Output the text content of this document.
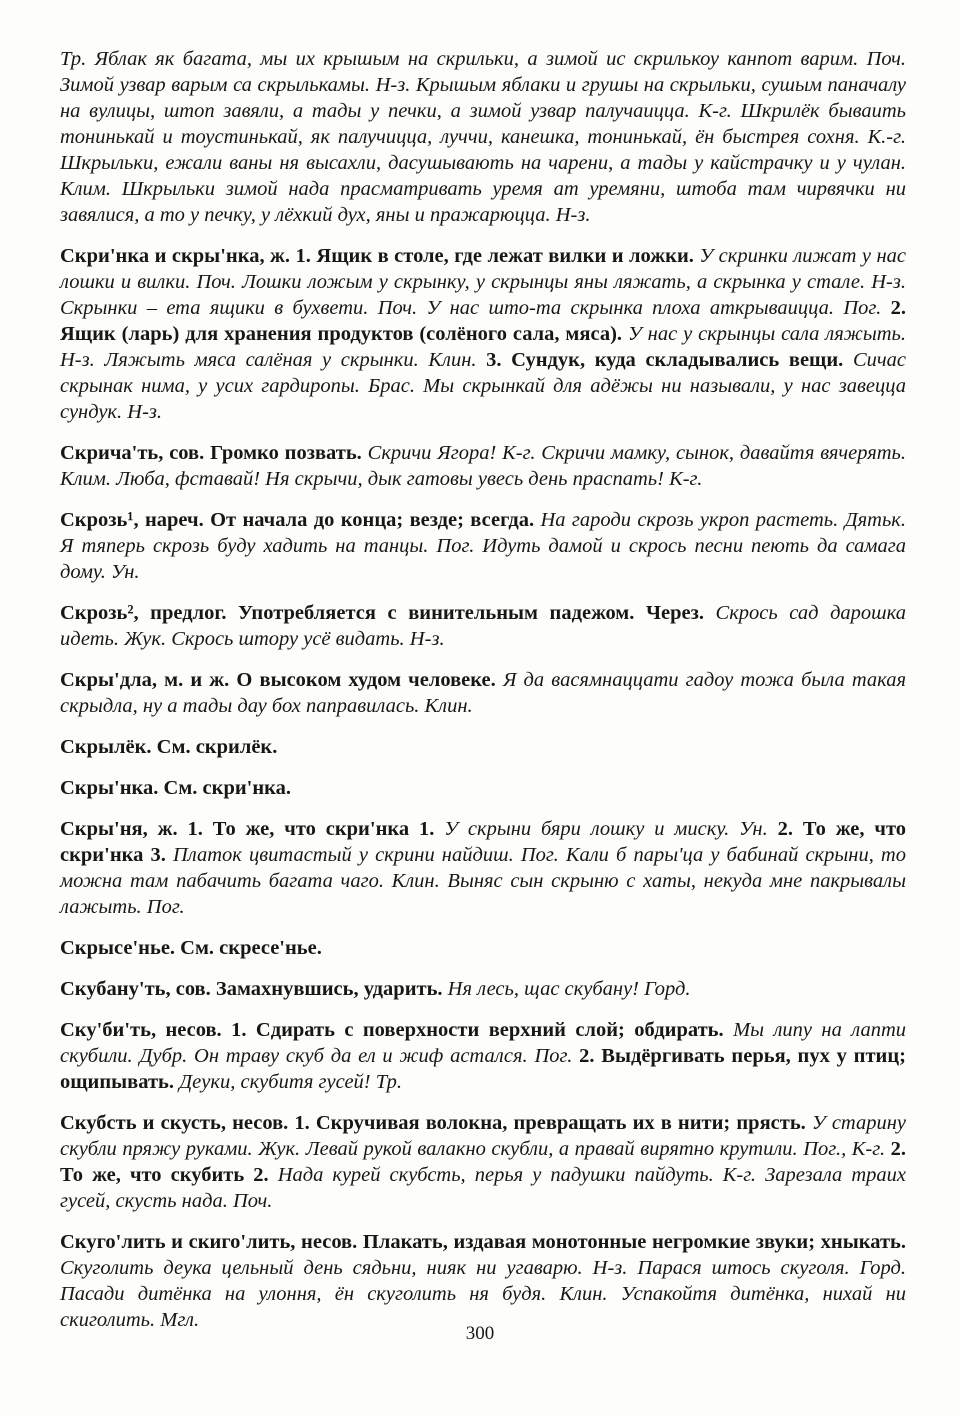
Тр. Яблак як багата, мы их крышым на скрильки, а зимой ис скрилькоу канпот варим. Поч. Зимой узвар варым са скрылькамы. Н-з. Крышым яблаки и грушы на скрыльки, сушым паначалу на вулицы, штоп завяли, а тады у печки, а зимой узвар палучаицца. К-г. Шкрилёк бываить тонинькай и тоустинькай, як палучицца, луччи, канешка, тонинькай, ён быстрея сохня. К.-г. Шкрыльки, ежали ваны ня высахли, дасушывають на чарени, а тады у кайстрачку и у чулан. Клим. Шкрыльки зимой нада прасматривать уремя ат уремяни, штоба там чирвячки ни завялися, а то у печку, у лёхкий дух, яны и пражарюцца. Н-з.

Скри'нка и скры'нка, ж. 1. Ящик в столе, где лежат вилки и ложки. У скринки лижат у нас лошки и вилки. Поч. Лошки ложым у скрынку, у скрынцы яны ляжать, а скрынка у стале. Н-з. Скрынки – ета ящики в бухвети. Поч. У нас што-та скрынка плоха аткрываицца. Пог. 2. Ящик (ларь) для хранения продуктов (солёного сала, мяса). У нас у скрынцы сала ляжыть. Н-з. Ляжыть мяса салёная у скрынки. Клин. 3. Сундук, куда складывались вещи. Сичас скрынак нима, у усих гардиропы. Брас. Мы скрынкай для адёжы ни называли, у нас завецца сундук. Н-з.

Скрича'ть, сов. Громко позвать. Скричи Ягора! К-г. Скричи мамку, сынок, давайтя вячерять. Клим. Люба, фставай! Ня скрычи, дык гатовы увесь день праспать! К-г.

Скрозь¹, нареч. От начала до конца; везде; всегда. На гароди скрозь укроп растеть. Дятьк. Я тяперь скрозь буду хадить на танцы. Пог. Идуть дамой и скрось песни пеють да самага дому. Ун.

Скрозь², предлог. Употребляется с винительным падежом. Через. Скрось сад дарошка идеть. Жук. Скрось штору усё видать. Н-з.

Скры'дла, м. и ж. О высоком худом человеке. Я да васямнаццати гадоу тожа была такая скрыдла, ну а тады дау бох паправилась. Клин.

Скрылёк. См. скрилёк.

Скры'нка. См. скри'нка.

Скры'ня, ж. 1. То же, что скри'нка 1. У скрыни бяри лошку и миску. Ун. 2. То же, что скри'нка 3. Платок цвитастый у скрини найдиш. Пог. Кали б пары'ца у бабинай скрыни, то можна там пабачить багата чаго. Клин. Выняс сын скрыню с хаты, некуда мне пакрывалы лажыть. Пог.

Скрысе'нье. См. скресе'нье.

Скубану'ть, сов. Замахнувшись, ударить. Ня лесь, щас скубану! Горд.

Ску'би'ть, несов. 1. Сдирать с поверхности верхний слой; обдирать. Мы липу на лапти скубили. Дубр. Он траву скуб да ел и жиф астался. Пог. 2. Выдёргивать перья, пух у птиц; ощипывать. Деуки, скубитя гусей! Тр.

Скубсть и скусть, несов. 1. Скручивая волокна, превращать их в нити; прясть. У старину скубли пряжу руками. Жук. Левай рукой валакно скубли, а правай вирятно крутили. Пог., К-г. 2. То же, что скубить 2. Нада курей скубсть, перья у падушки пайдуть. К-г. Зарезала траих гусей, скусть нада. Поч.

Скуго'лить и скиго'лить, несов. Плакать, издавая монотонные негромкие звуки; хныкать. Скуголить деука цельный день сядьни, нияк ни угаварю. Н-з. Парася штось скуголя. Горд. Пасади дитёнка на улоння, ён скуголить ня будя. Клин. Успакойтя дитёнка, нихай ни скиголить. Мгл.

300
